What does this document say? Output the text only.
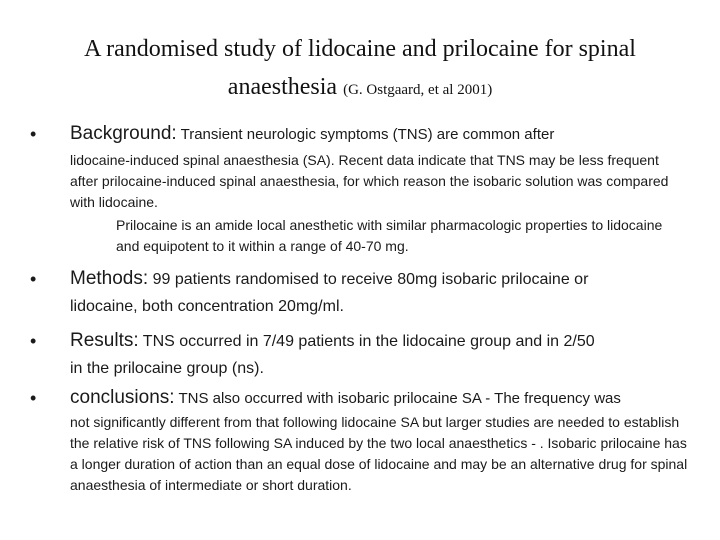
A randomised study of lidocaine and prilocaine for spinal
anaesthesia (G. Ostgaard, et al 2001)
• Background: Transient neurologic symptoms (TNS) are common after
lidocaine-induced spinal anaesthesia (SA). Recent data indicate that TNS may be less frequent after prilocaine-induced spinal anaesthesia, for which reason the isobaric solution was compared with lidocaine.
Prilocaine is an amide local anesthetic with similar pharmacologic properties to lidocaine and equipotent to it within a range of 40-70 mg.
• Methods: 99 patients randomised to receive 80mg isobaric prilocaine or
lidocaine, both concentration 20mg/ml.
• Results: TNS occurred in 7/49 patients in the lidocaine group and in 2/50
in the prilocaine group (ns).
• conclusions: TNS also occurred with isobaric prilocaine SA - The frequency was
not significantly different from that following lidocaine SA but larger studies are needed to establish the relative risk of TNS following SA induced by the two local anaesthetics - . Isobaric prilocaine has a longer duration of action than an equal dose of lidocaine and may be an alternative drug for spinal anaesthesia of intermediate or short duration.
